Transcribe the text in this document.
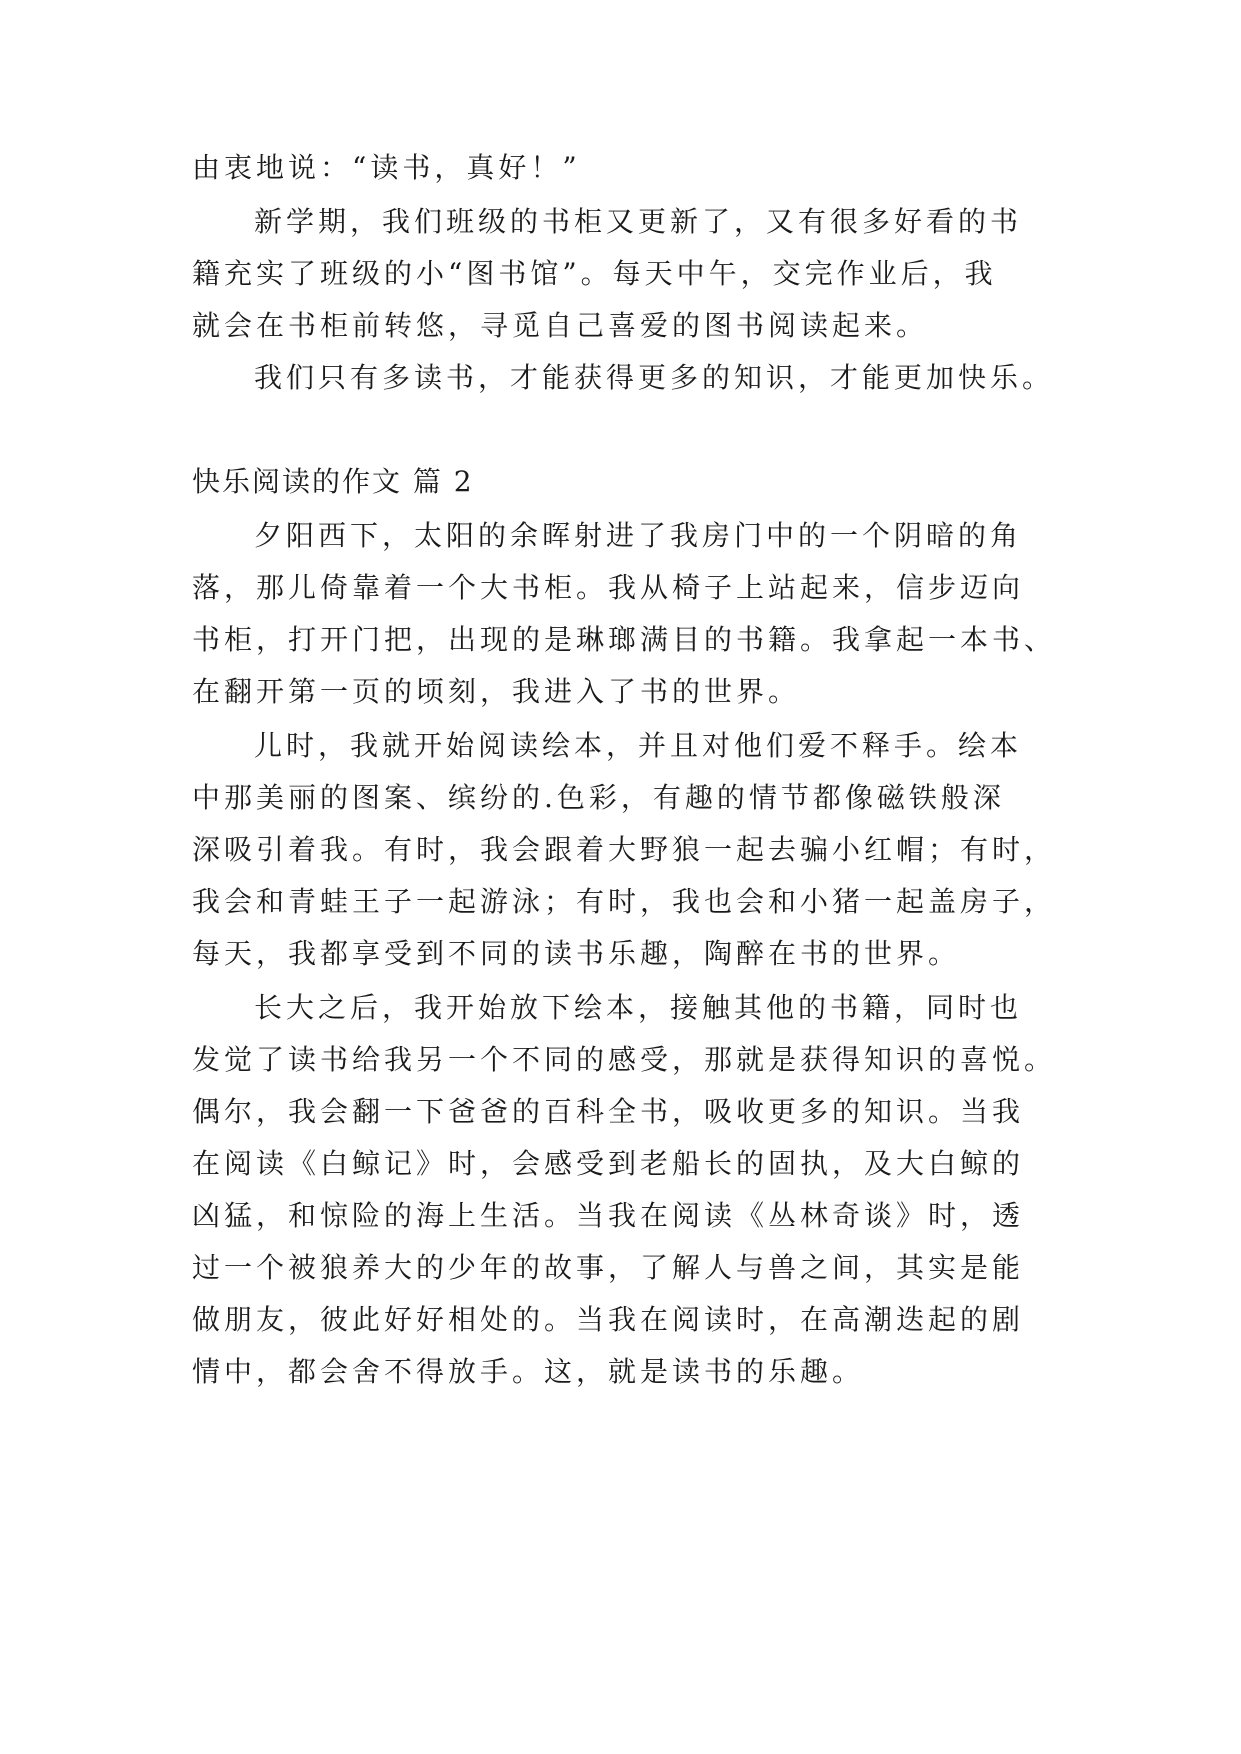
由衷地说：“读书，真好！”
新学期，我们班级的书柜又更新了，又有很多好看的书
籍充实了班级的小“图书馆”。每天中午，交完作业后，我
就会在书柜前转悠，寻觅自己喜爱的图书阅读起来。
我们只有多读书，才能获得更多的知识，才能更加快乐。
快乐阅读的作文 篇 2
夕阳西下，太阳的余晖射进了我房门中的一个阴暗的角
落，那儿倚靠着一个大书柜。我从椅子上站起来，信步迈向
书柜，打开门把，出现的是琳瑯满目的书籍。我拿起一本书、
在翻开第一页的顷刻，我进入了书的世界。
儿时，我就开始阅读绘本，并且对他们爱不释手。绘本
中那美丽的图案、缤纷的.色彩，有趣的情节都像磁铁般深
深吸引着我。有时，我会跟着大野狼一起去骗小红帽；有时，
我会和青蛙王子一起游泳；有时，我也会和小猪一起盖房子，
每天，我都享受到不同的读书乐趣，陶醉在书的世界。
长大之后，我开始放下绘本，接触其他的书籍，同时也
发觉了读书给我另一个不同的感受，那就是获得知识的喜悦。
偶尔，我会翻一下爸爸的百科全书，吸收更多的知识。当我
在阅读《白鲸记》时，会感受到老船长的固执，及大白鲸的
凶猛，和惊险的海上生活。当我在阅读《丛林奇谈》时，透
过一个被狼养大的少年的故事，了解人与兽之间，其实是能
做朋友，彼此好好相处的。当我在阅读时，在高潮迭起的剧
情中，都会舍不得放手。这，就是读书的乐趣。
